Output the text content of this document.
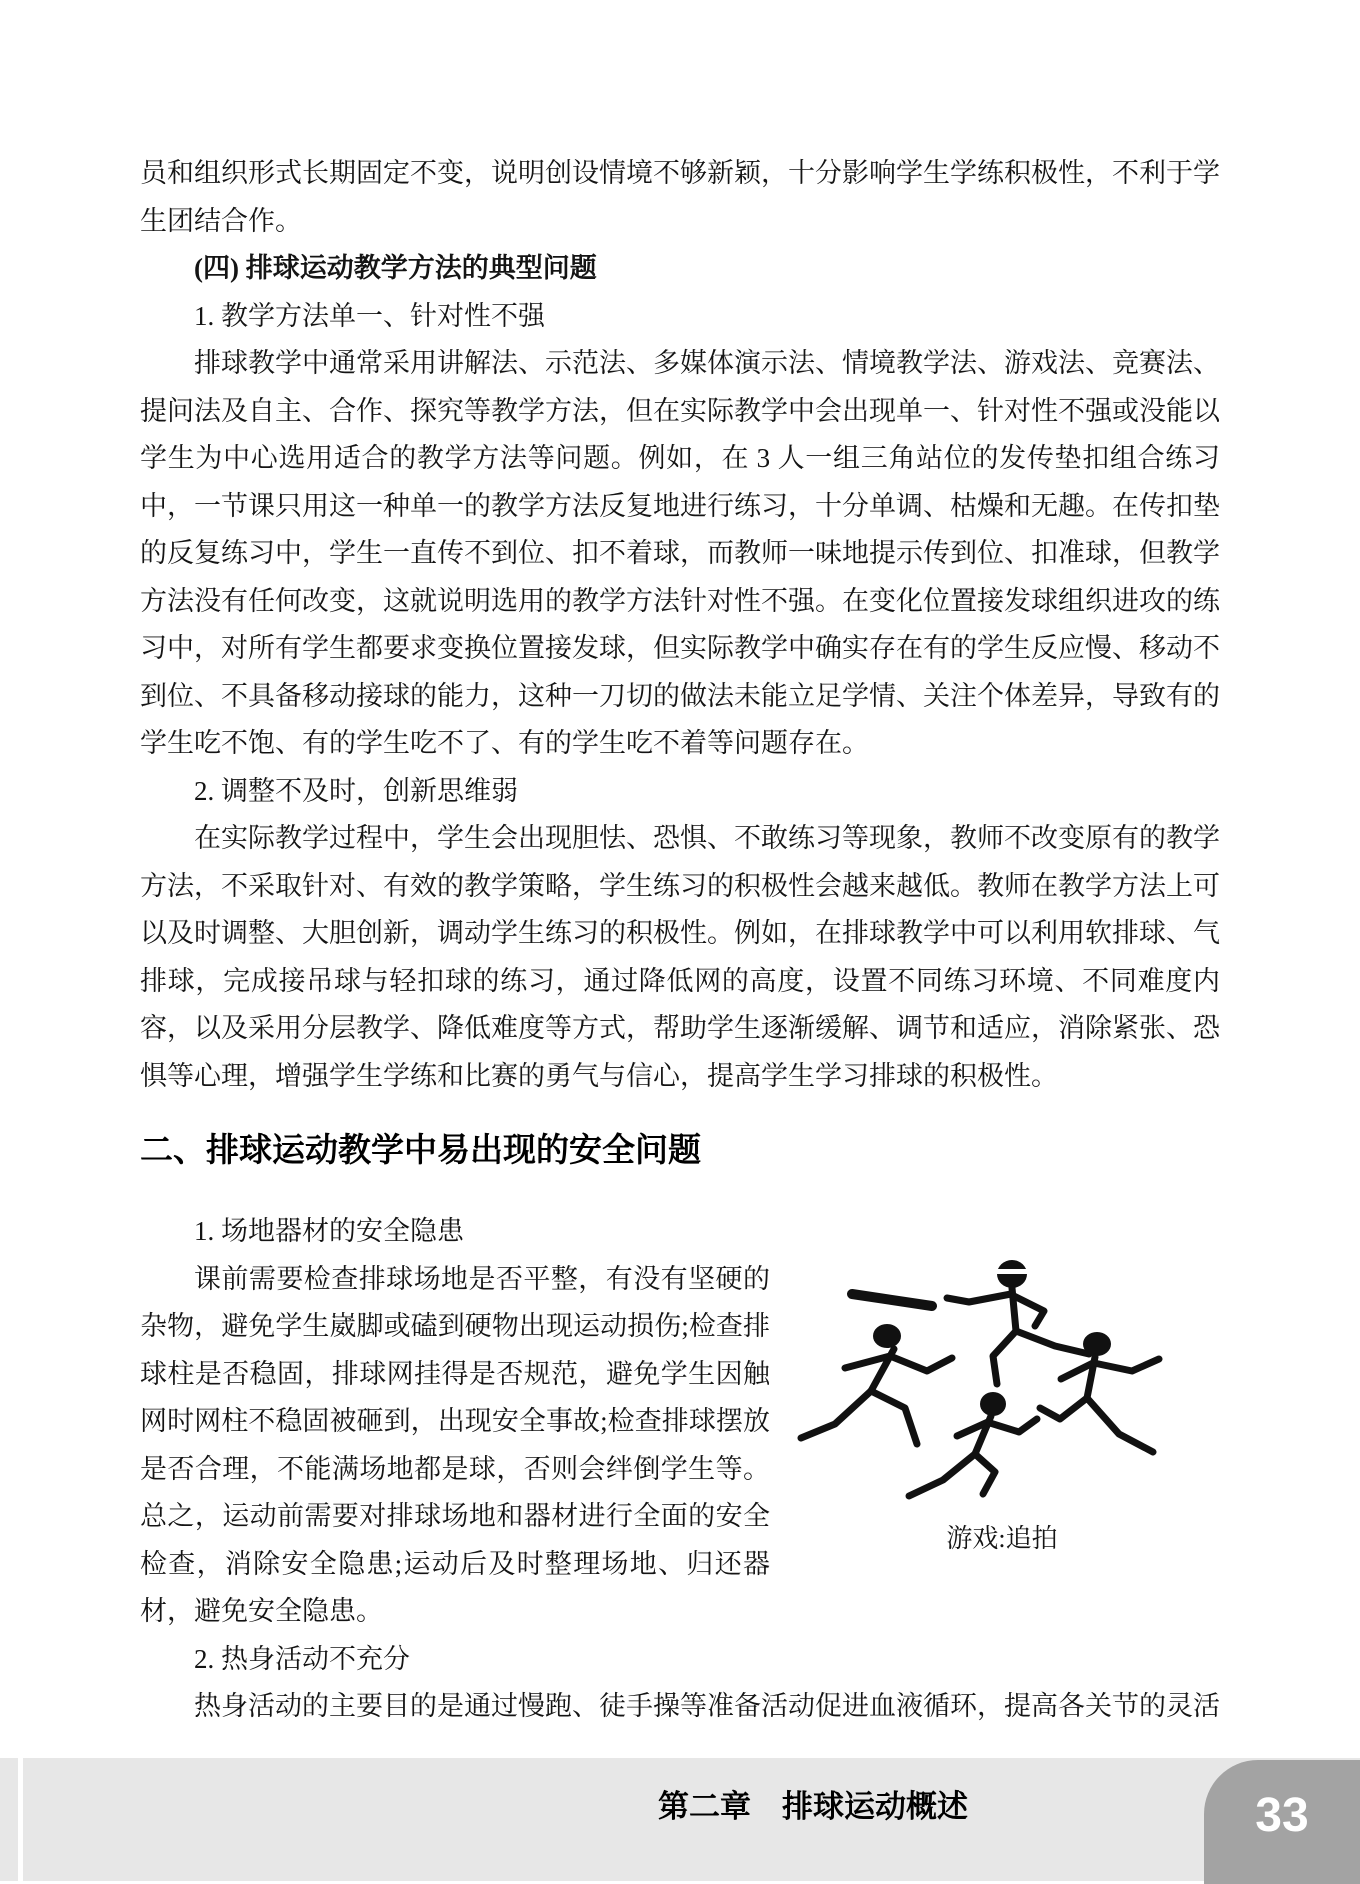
员和组织形式长期固定不变，说明创设情境不够新颖，十分影响学生学练积极性，不利于学生团结合作。

(四) 排球运动教学方法的典型问题

1. 教学方法单一、针对性不强

排球教学中通常采用讲解法、示范法、多媒体演示法、情境教学法、游戏法、竞赛法、提问法及自主、合作、探究等教学方法，但在实际教学中会出现单一、针对性不强或没能以学生为中心选用适合的教学方法等问题。例如，在 3 人一组三角站位的发传垫扣组合练习中，一节课只用这一种单一的教学方法反复地进行练习，十分单调、枯燥和无趣。在传扣垫的反复练习中，学生一直传不到位、扣不着球，而教师一味地提示传到位、扣准球，但教学方法没有任何改变，这就说明选用的教学方法针对性不强。在变化位置接发球组织进攻的练习中，对所有学生都要求变换位置接发球，但实际教学中确实存在有的学生反应慢、移动不到位、不具备移动接球的能力，这种一刀切的做法未能立足学情、关注个体差异，导致有的学生吃不饱、有的学生吃不了、有的学生吃不着等问题存在。

2. 调整不及时，创新思维弱

在实际教学过程中，学生会出现胆怯、恐惧、不敢练习等现象，教师不改变原有的教学方法，不采取针对、有效的教学策略，学生练习的积极性会越来越低。教师在教学方法上可以及时调整、大胆创新，调动学生练习的积极性。例如，在排球教学中可以利用软排球、气排球，完成接吊球与轻扣球的练习，通过降低网的高度，设置不同练习环境、不同难度内容，以及采用分层教学、降低难度等方式，帮助学生逐渐缓解、调节和适应，消除紧张、恐惧等心理，增强学生学练和比赛的勇气与信心，提高学生学习排球的积极性。

二、排球运动教学中易出现的安全问题

1. 场地器材的安全隐患

游戏:追拍

课前需要检查排球场地是否平整，有没有坚硬的杂物，避免学生崴脚或磕到硬物出现运动损伤;检查排球柱是否稳固，排球网挂得是否规范，避免学生因触网时网柱不稳固被砸到，出现安全事故;检查排球摆放是否合理，不能满场地都是球，否则会绊倒学生等。总之，运动前需要对排球场地和器材进行全面的安全检查，消除安全隐患;运动后及时整理场地、归还器材，避免安全隐患。

2. 热身活动不充分

热身活动的主要目的是通过慢跑、徒手操等准备活动促进血液循环，提高各关节的灵活

第二章　排球运动概述	33
